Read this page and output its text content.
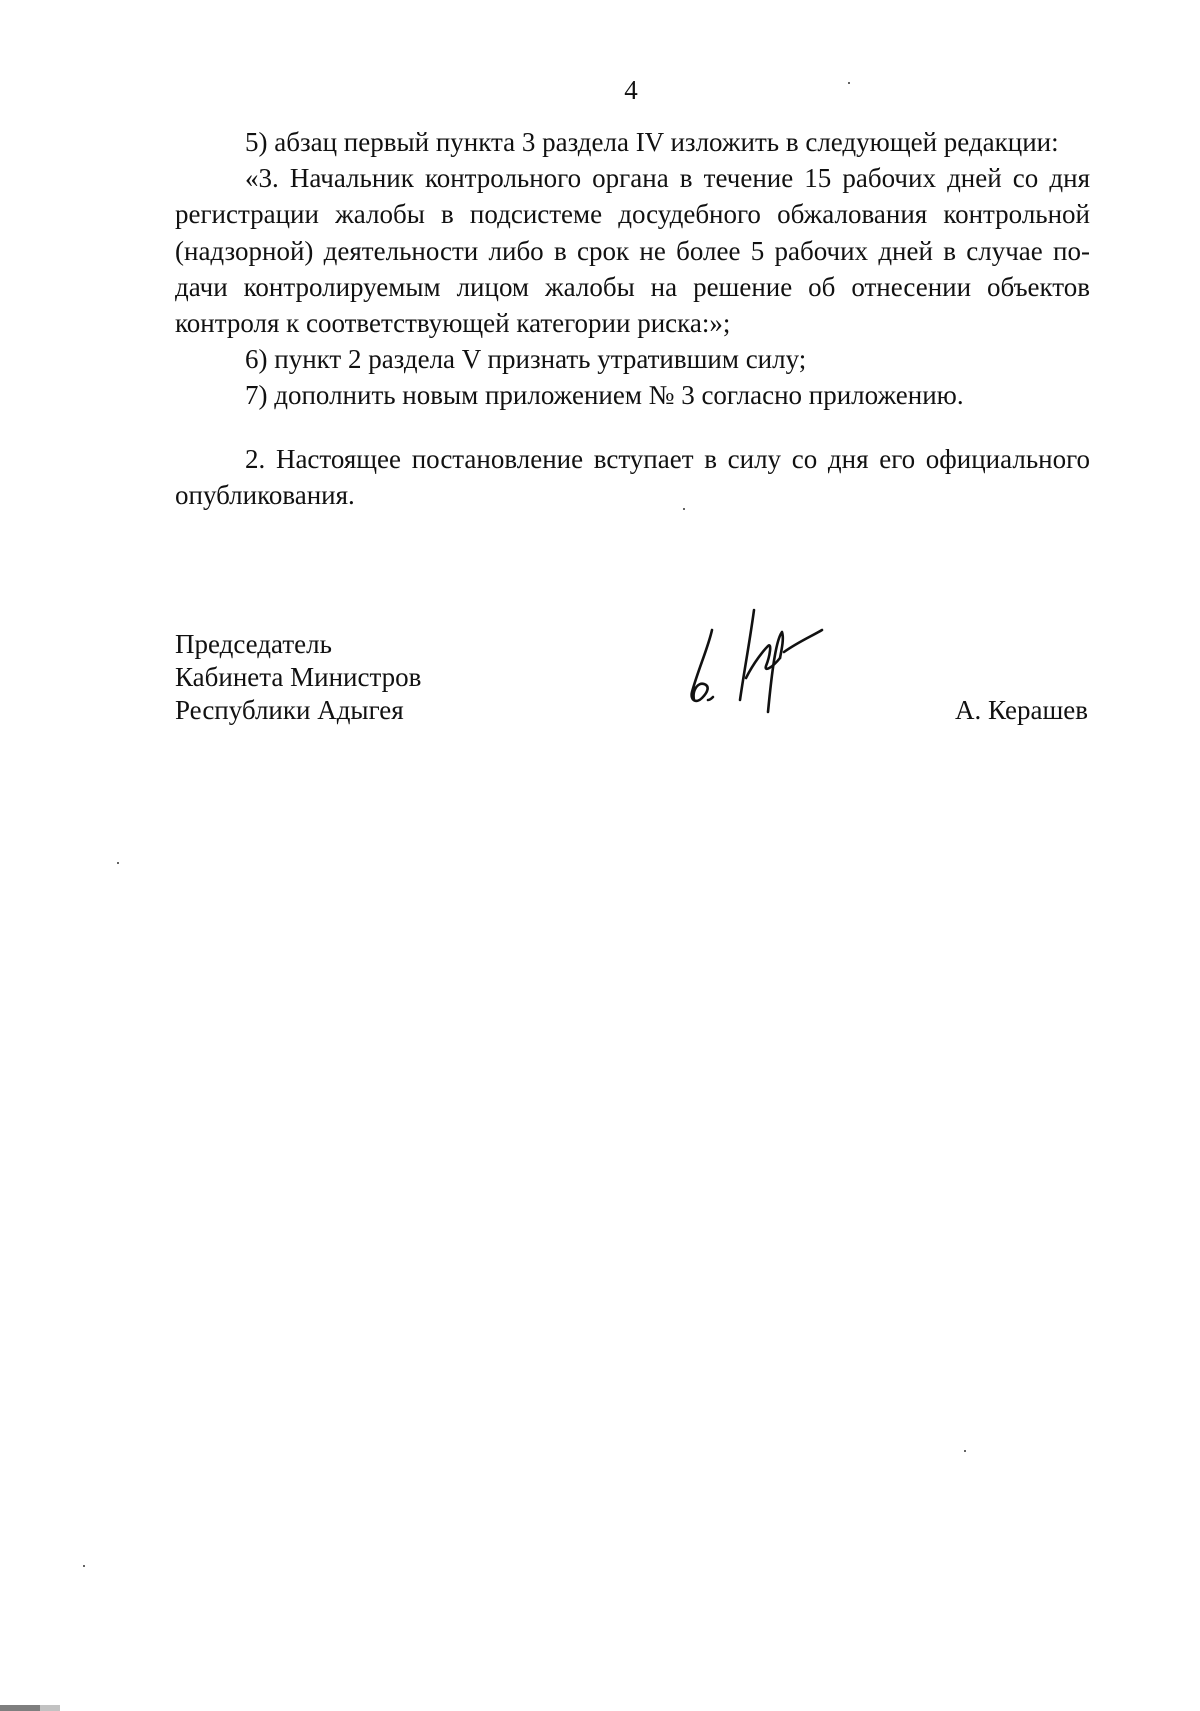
4

5) абзац первый пункта 3 раздела IV изложить в следующей редакции:

«3. Начальник контрольного органа в течение 15 рабочих дней со дня регистрации жалобы в подсистеме досудебного обжалования контрольной (надзорной) деятельности либо в срок не более 5 рабочих дней в случае подачи контролируемым лицом жалобы на решение об отнесении объектов контроля к соответствующей категории риска:»;

6) пункт 2 раздела V признать утратившим силу;

7) дополнить новым приложением № 3 согласно приложению.

2. Настоящее постановление вступает в силу со дня его официального опубликования.

Председатель
Кабинета Министров
Республики Адыгея	А. Керашев
